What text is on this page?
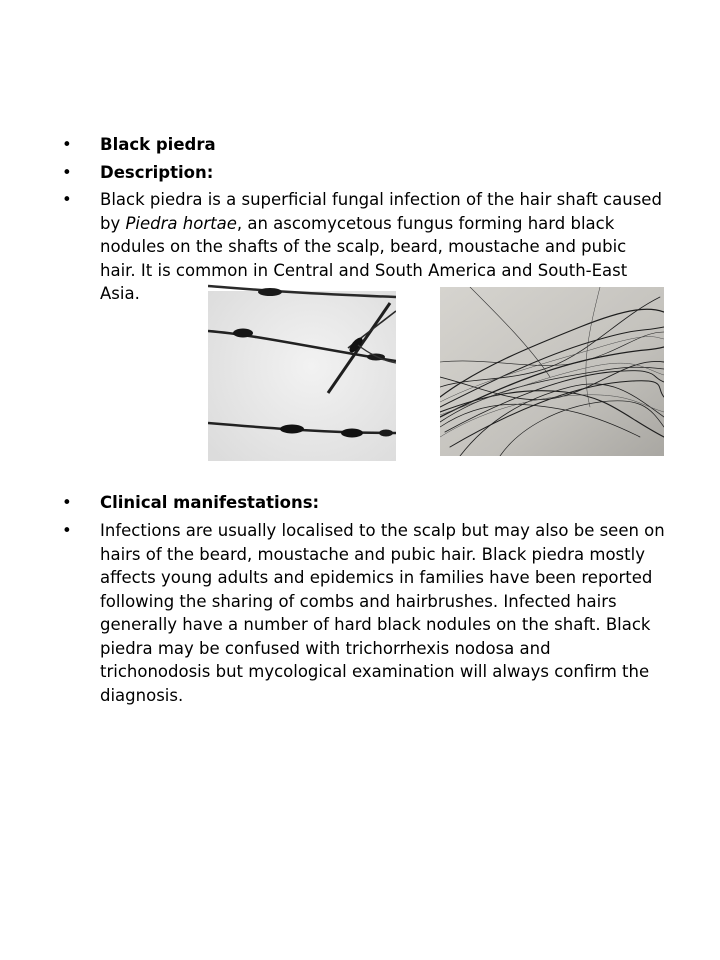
•	Black piedra
•	Description:
•	Black piedra is a superficial fungal infection of the hair shaft caused by Piedra hortae, an ascomycetous fungus forming hard black nodules on the shafts of the scalp, beard, moustache and pubic hair. It is common in Central and South America and South-East Asia.
•	Clinical manifestations:
•	Infections are usually localised to the scalp but may also be seen on hairs of the beard, moustache and pubic hair. Black piedra mostly affects young adults and epidemics in families have been reported following the sharing of combs and hairbrushes. Infected hairs generally have a number of hard black nodules on the shaft. Black piedra may be confused with trichorrhexis nodosa and trichonodosis but mycological examination will always confirm the diagnosis.
